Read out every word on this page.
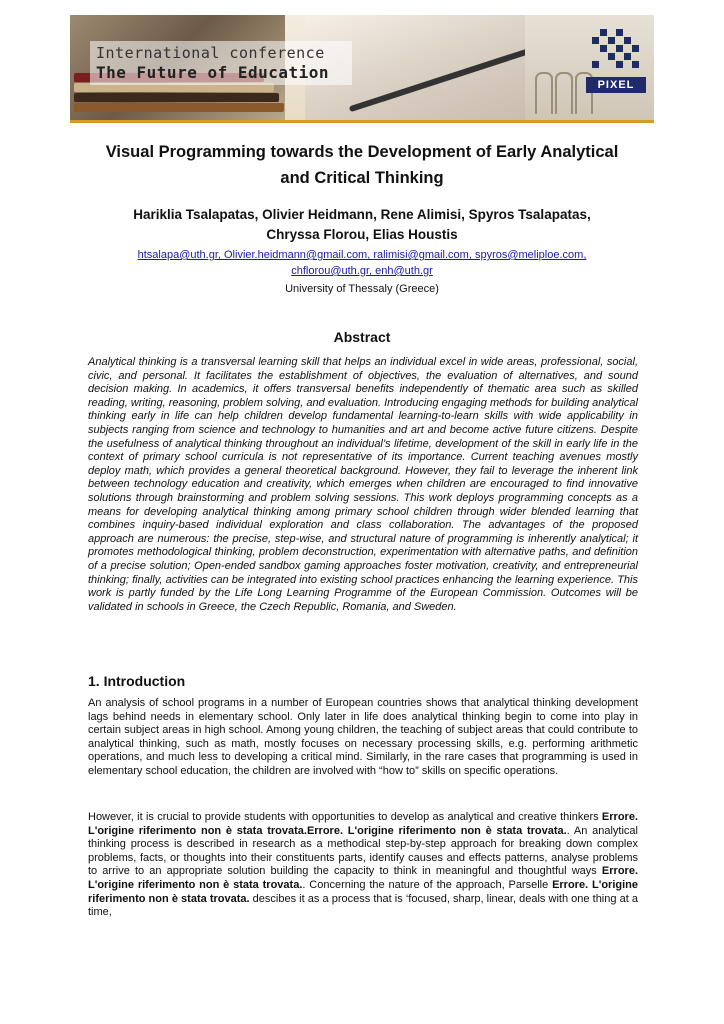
International conference
The Future of Education
PIXEL
Visual Programming towards the Development of Early Analytical
and Critical Thinking
Hariklia Tsalapatas, Olivier Heidmann, Rene Alimisi, Spyros Tsalapatas,
Chryssa Florou, Elias Houstis
htsalapa@uth.gr, Olivier.heidmann@gmail.com, ralimisi@gmail.com, spyros@meliploe.com,
chflorou@uth.gr, enh@uth.gr
University of Thessaly (Greece)
Abstract

Analytical thinking is a transversal learning skill that helps an individual excel in wide areas, professional, social, civic, and personal. It facilitates the establishment of objectives, the evaluation of alternatives, and sound decision making. In academics, it offers transversal benefits independently of thematic area such as skilled reading, writing, reasoning, problem solving, and evaluation. Introducing engaging methods for building analytical thinking early in life can help children develop fundamental learning-to-learn skills with wide applicability in subjects ranging from science and technology to humanities and art and become active future citizens. Despite the usefulness of analytical thinking throughout an individual’s lifetime, development of the skill in early life in the context of primary school curricula is not representative of its importance. Current teaching avenues mostly deploy math, which provides a general theoretical background. However, they fail to leverage the inherent link between technology education and creativity, which emerges when children are encouraged to find innovative solutions through brainstorming and problem solving sessions. This work deploys programming concepts as a means for developing analytical thinking among primary school children through wider blended learning that combines inquiry-based individual exploration and class collaboration. The advantages of the proposed approach are numerous: the precise, step-wise, and structural nature of programming is inherently analytical; it promotes methodological thinking, problem deconstruction, experimentation with alternative paths, and definition of a precise solution; Open-ended sandbox gaming approaches foster motivation, creativity, and entrepreneurial thinking; finally, activities can be integrated into existing school practices enhancing the learning experience. This work is partly funded by the Life Long Learning Programme of the European Commission. Outcomes will be validated in schools in Greece, the Czech Republic, Romania, and Sweden.

1. Introduction

An analysis of school programs in a number of European countries shows that analytical thinking development lags behind needs in elementary school. Only later in life does analytical thinking begin to come into play in certain subject areas in high school. Among young children, the teaching of subject areas that could contribute to analytical thinking, such as math, mostly focuses on necessary processing skills, e.g. performing arithmetic operations, and much less to developing a critical mind. Similarly, in the rare cases that programming is used in elementary school education, the children are involved with “how to” skills on specific operations.

However, it is crucial to provide students with opportunities to develop as analytical and creative thinkers Errore. L'origine riferimento non è stata trovata.Errore. L'origine riferimento non è stata trovata.. An analytical thinking process is described in research as a methodical step-by-step approach for breaking down complex problems, facts, or thoughts into their constituents parts, identify causes and effects patterns, analyse problems to arrive to an appropriate solution building the capacity to think in meaningful and thoughtful ways Errore. L'origine riferimento non è stata trovata.. Concerning the nature of the approach, Parselle Errore. L'origine riferimento non è stata trovata. descibes it as a process that is ‘focused, sharp, linear, deals with one thing at a time,
